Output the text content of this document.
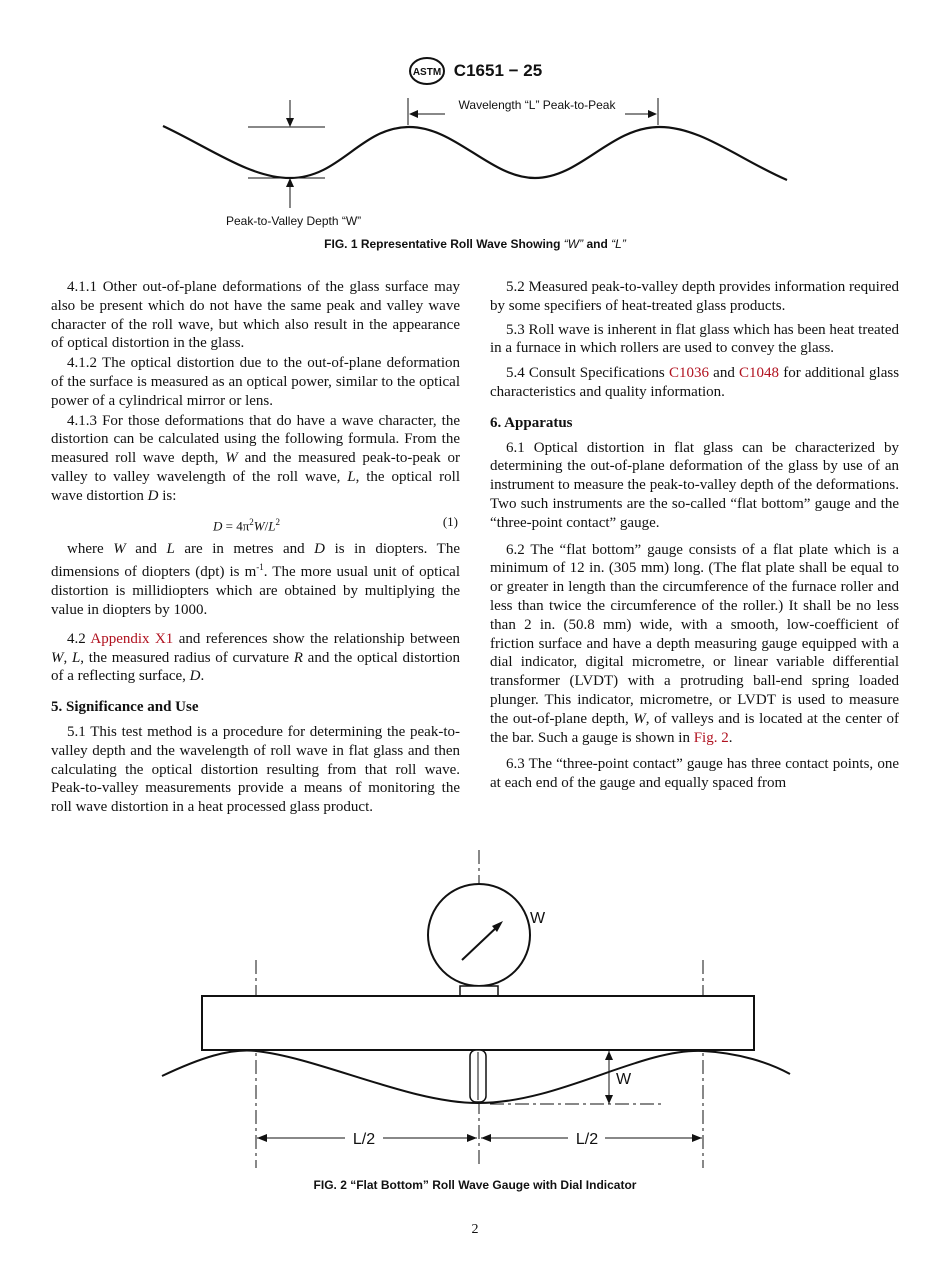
ASTM C1651 − 25
Wavelength “L” Peak-to-Peak
Peak-to-Valley Depth “W”
FIG. 1 Representative Roll Wave Showing “W” and “L”

4.1.1 Other out-of-plane deformations of the glass surface may also be present which do not have the same peak and valley wave character of the roll wave, but which also result in the appearance of optical distortion in the glass.

4.1.2 The optical distortion due to the out-of-plane deformation of the surface is measured as an optical power, similar to the optical power of a cylindrical mirror or lens.

4.1.3 For those deformations that do have a wave character, the distortion can be calculated using the following formula. From the measured roll wave depth, W and the measured peak-to-peak or valley to valley wavelength of the roll wave, L, the optical roll wave distortion D is:

$D = 4\pi^2W/L^2$	(1)

where W and L are in metres and D is in diopters. The dimensions of diopters (dpt) is $m^{-1}$. The more usual unit of optical distortion is millidiopters which are obtained by multiplying the value in diopters by 1000.

4.2 Appendix X1 and references show the relationship between W, L, the measured radius of curvature R and the optical distortion of a reflecting surface, D.

5. Significance and Use

5.1 This test method is a procedure for determining the peak-to-valley depth and the wavelength of roll wave in flat glass and then calculating the optical distortion resulting from that roll wave. Peak-to-valley measurements provide a means of monitoring the roll wave distortion in a heat processed glass product.

5.2 Measured peak-to-valley depth provides information required by some specifiers of heat-treated glass products.

5.3 Roll wave is inherent in flat glass which has been heat treated in a furnace in which rollers are used to convey the glass.

5.4 Consult Specifications C1036 and C1048 for additional glass characteristics and quality information.

6. Apparatus

6.1 Optical distortion in flat glass can be characterized by determining the out-of-plane deformation of the glass by use of an instrument to measure the peak-to-valley depth of the deformations. Two such instruments are the so-called “flat bottom” gauge and the “three-point contact” gauge.

6.2 The “flat bottom” gauge consists of a flat plate which is a minimum of 12 in. (305 mm) long. (The flat plate shall be equal to or greater in length than the circumference of the furnace roller and less than twice the circumference of the roller.) It shall be no less than 2 in. (50.8 mm) wide, with a smooth, low-coefficient of friction surface and have a depth measuring gauge equipped with a dial indicator, digital micrometre, or linear variable differential transformer (LVDT) with a protruding ball-end spring loaded plunger. This indicator, micrometre, or LVDT is used to measure the out-of-plane depth, W, of valleys and is located at the center of the bar. Such a gauge is shown in Fig. 2.

6.3 The “three-point contact” gauge has three contact points, one at each end of the gauge and equally spaced from

W
W
L/2	L/2
FIG. 2 “Flat Bottom” Roll Wave Gauge with Dial Indicator
2
